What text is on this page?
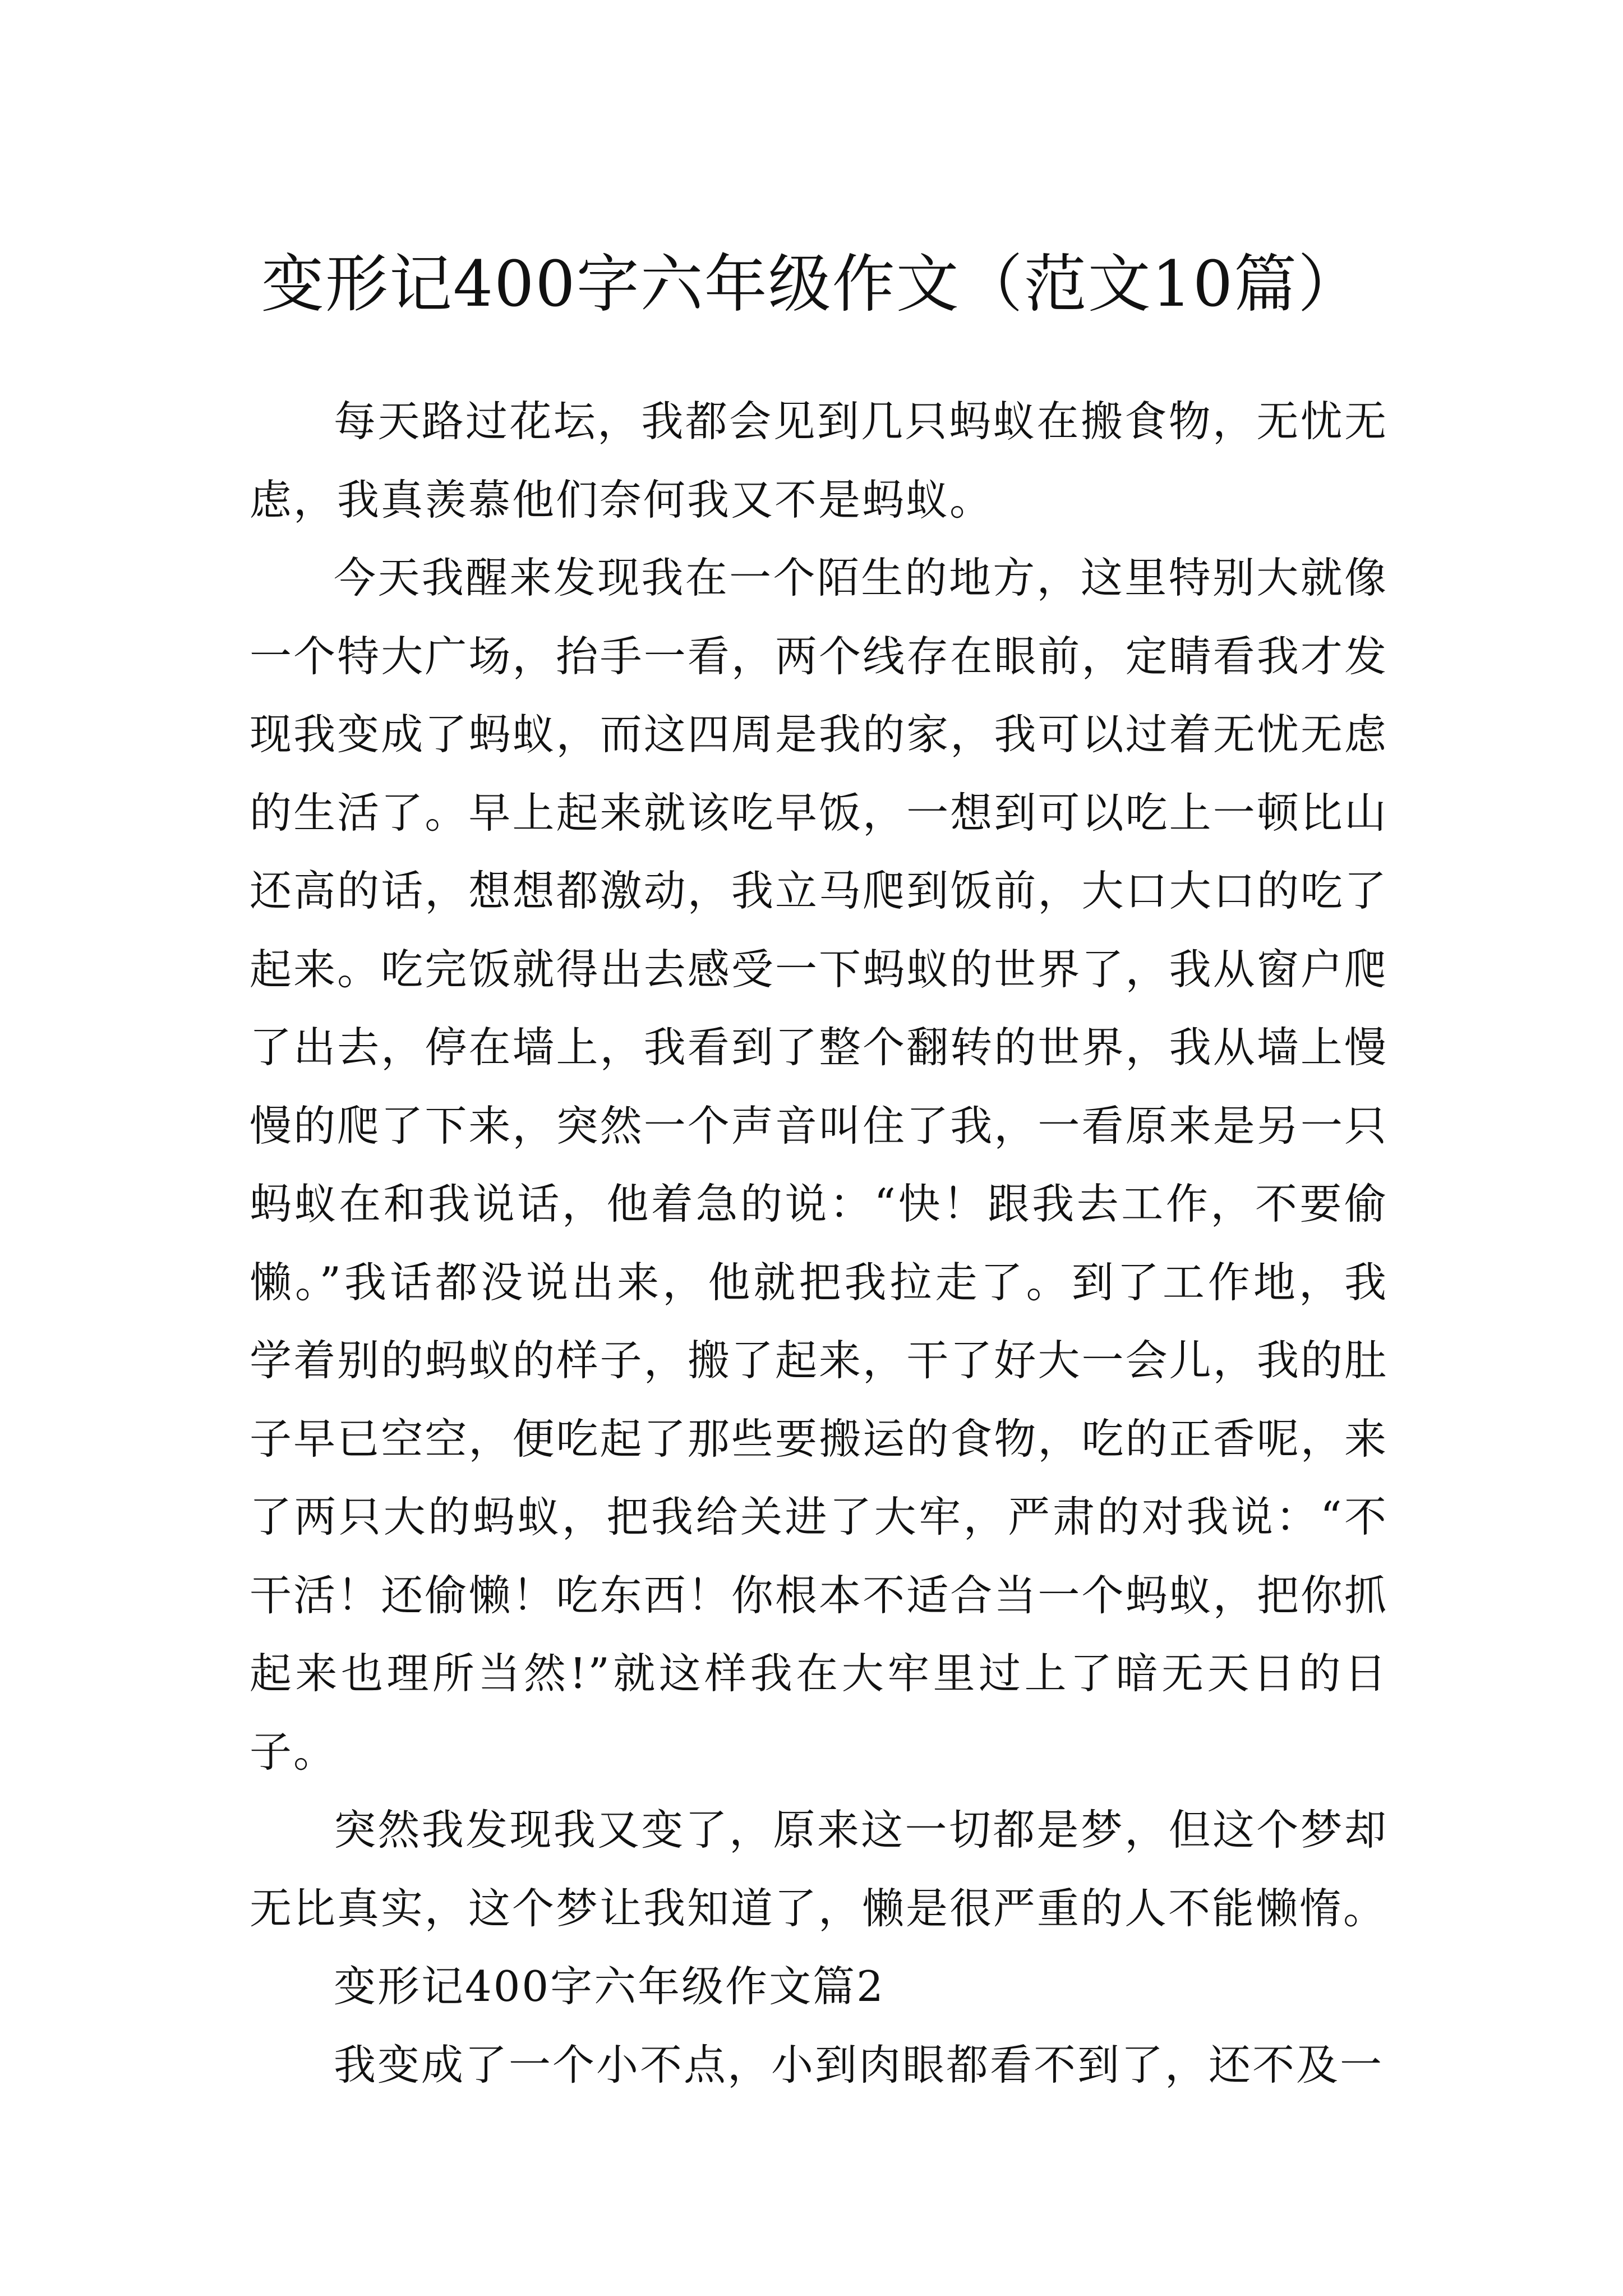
变形记400字六年级作文（范文10篇）

每天路过花坛，我都会见到几只蚂蚁在搬食物，无忧无虑，我真羡慕他们奈何我又不是蚂蚁。

今天我醒来发现我在一个陌生的地方，这里特别大就像一个特大广场，抬手一看，两个线存在眼前，定睛看我才发现我变成了蚂蚁，而这四周是我的家，我可以过着无忧无虑的生活了。早上起来就该吃早饭，一想到可以吃上一顿比山还高的话，想想都激动，我立马爬到饭前，大口大口的吃了起来。吃完饭就得出去感受一下蚂蚁的世界了，我从窗户爬了出去，停在墙上，我看到了整个翻转的世界，我从墙上慢慢的爬了下来，突然一个声音叫住了我，一看原来是另一只蚂蚁在和我说话，他着急的说：“快！跟我去工作，不要偷懒。”我话都没说出来，他就把我拉走了。到了工作地，我学着别的蚂蚁的样子，搬了起来，干了好大一会儿，我的肚子早已空空，便吃起了那些要搬运的食物，吃的正香呢，来了两只大的蚂蚁，把我给关进了大牢，严肃的对我说：“不干活！还偷懒！吃东西！你根本不适合当一个蚂蚁，把你抓起来也理所当然!”就这样我在大牢里过上了暗无天日的日子。

突然我发现我又变了，原来这一切都是梦，但这个梦却无比真实，这个梦让我知道了，懒是很严重的人不能懒惰。

变形记400字六年级作文篇2

我变成了一个小不点，小到肉眼都看不到了，还不及一
